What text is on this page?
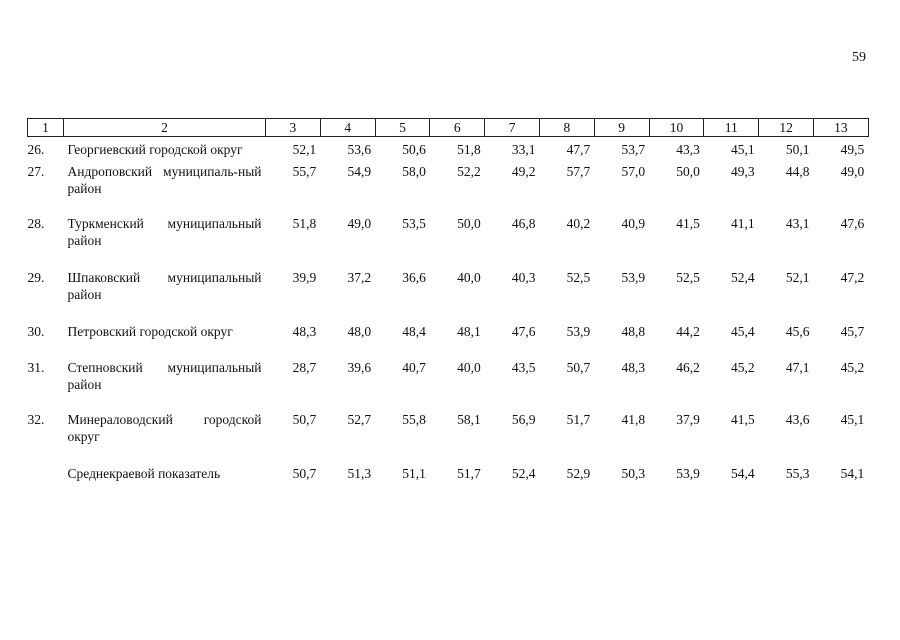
59
1	2	3	4	5	6	7	8	9	10	11	12	13
26.	Георгиевский городской округ	52,1	53,6	50,6	51,8	33,1	47,7	53,7	43,3	45,1	50,1	49,5
27.	Андроповский муниципаль-ный район	55,7	54,9	58,0	52,2	49,2	57,7	57,0	50,0	49,3	44,8	49,0
28.	Туркменский муниципальный район	51,8	49,0	53,5	50,0	46,8	40,2	40,9	41,5	41,1	43,1	47,6
29.	Шпаковский муниципальный район	39,9	37,2	36,6	40,0	40,3	52,5	53,9	52,5	52,4	52,1	47,2
30.	Петровский городской округ	48,3	48,0	48,4	48,1	47,6	53,9	48,8	44,2	45,4	45,6	45,7
31.	Степновский муниципальный район	28,7	39,6	40,7	40,0	43,5	50,7	48,3	46,2	45,2	47,1	45,2
32.	Минераловодский городской округ	50,7	52,7	55,8	58,1	56,9	51,7	41,8	37,9	41,5	43,6	45,1
	Среднекраевой показатель	50,7	51,3	51,1	51,7	52,4	52,9	50,3	53,9	54,4	55,3	54,1
